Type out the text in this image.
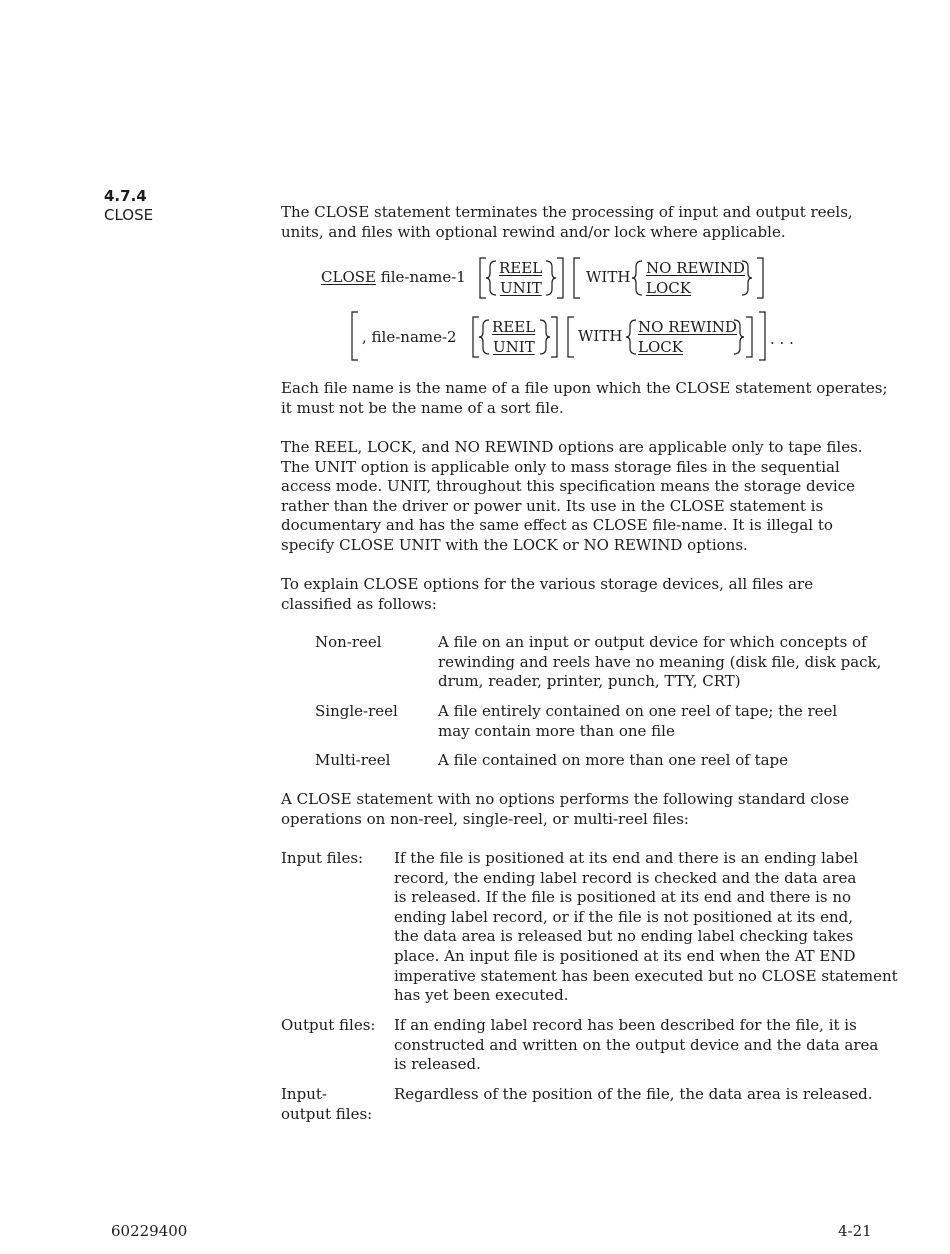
4.7.4
CLOSE	The CLOSE statement terminates the processing of input and output reels,
units, and files with optional rewind and/or lock where applicable.
CLOSE file-name-1 REEL
UNIT
WITH NO REWIND
LOCK
, file-name-2
REEL
UNIT
WITH NO REWIND
LOCK	. . .
Each file name is the name of a file upon which the CLOSE statement operates;
it must not be the name of a sort file.
The REEL, LOCK, and NO REWIND options are applicable only to tape files.
The UNIT option is applicable only to mass storage files in the sequential
access mode. UNIT, throughout this specification means the storage device
rather than the driver or power unit. Its use in the CLOSE statement is
documentary and has the same effect as CLOSE file-name. It is illegal to
specify CLOSE UNIT with the LOCK or NO REWIND options.
To explain CLOSE options for the various storage devices, all files are
classified as follows:
Non-reel	A file on an input or output device for which concepts of
rewinding and reels have no meaning (disk file, disk pack,
drum, reader, printer, punch, TTY, CRT)
Single-reel	A file entirely contained on one reel of tape; the reel
may contain more than one file
Multi-reel	A file contained on more than one reel of tape
A CLOSE statement with no options performs the following standard close
operations on non-reel, single-reel, or multi-reel files:
Input files:	If the file is positioned at its end and there is an ending label
record, the ending label record is checked and the data area
is released. If the file is positioned at its end and there is no
ending label record, or if the file is not positioned at its end,
the data area is released but no ending label checking takes
place. An input file is positioned at its end when the AT END
imperative statement has been executed but no CLOSE statement
has yet been executed.
Output files:	If an ending label record has been described for the file, it is
constructed and written on the output device and the data area
is released.
Input-
output files:
Regardless of the position of the file, the data area is released.
60229400	4-21
